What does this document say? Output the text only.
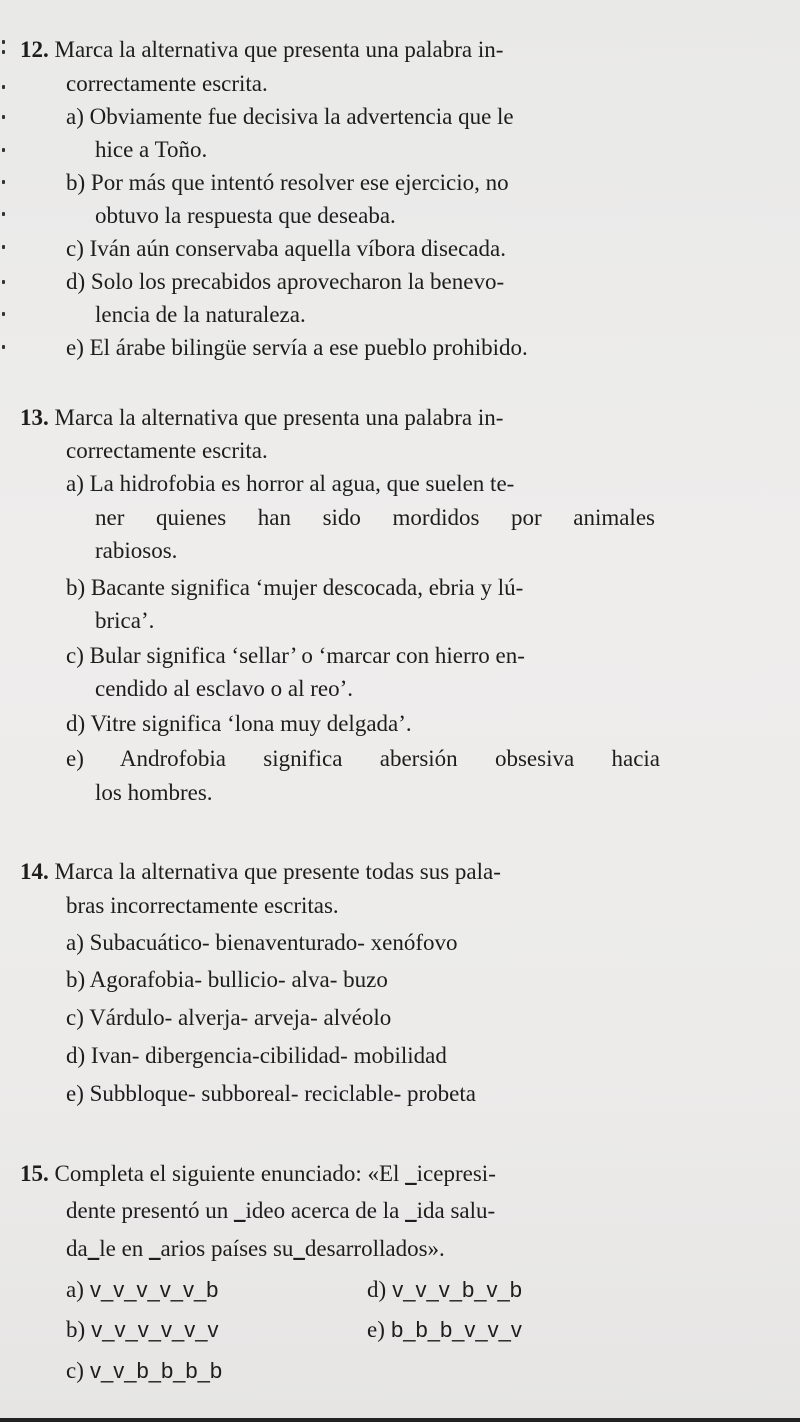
12. Marca la alternativa que presenta una palabra in-
correctamente escrita.
a) Obviamente fue decisiva la advertencia que le
hice a Toño.
b) Por más que intentó resolver ese ejercicio, no
obtuvo la respuesta que deseaba.
c) Iván aún conservaba aquella víbora disecada.
d) Solo los precabidos aprovecharon la benevo-
lencia de la naturaleza.
e) El árabe bilingüe servía a ese pueblo prohibido.
13. Marca la alternativa que presenta una palabra in-
correctamente escrita.
a) La hidrofobia es horror al agua, que suelen te-
ner quienes han sido mordidos por animales
rabiosos.
b) Bacante significa ‘mujer descocada, ebria y lú-
brica’.
c) Bular significa ‘sellar’ o ‘marcar con hierro en-
cendido al esclavo o al reo’.
d) Vitre significa ‘lona muy delgada’.
e) Androfobia significa abersión obsesiva hacia
los hombres.
14. Marca la alternativa que presente todas sus pala-
bras incorrectamente escritas.
a) Subacuático- bienaventurado- xenófovo
b) Agorafobia- bullicio- alva- buzo
c) Várdulo- alverja- arveja- alvéolo
d) Ivan- dibergencia-cibilidad- mobilidad
e) Subbloque- subboreal- reciclable- probeta
15. Completa el siguiente enunciado: «El _icepresi-
dente presentó un _ideo acerca de la _ida salu-
da_le en _arios países su_desarrollados».
a) v_v_v_v_v_b
b) v_v_v_v_v_v
c) v_v_b_b_b_b
d) v_v_v_b_v_b
e) b_b_b_v_v_v
